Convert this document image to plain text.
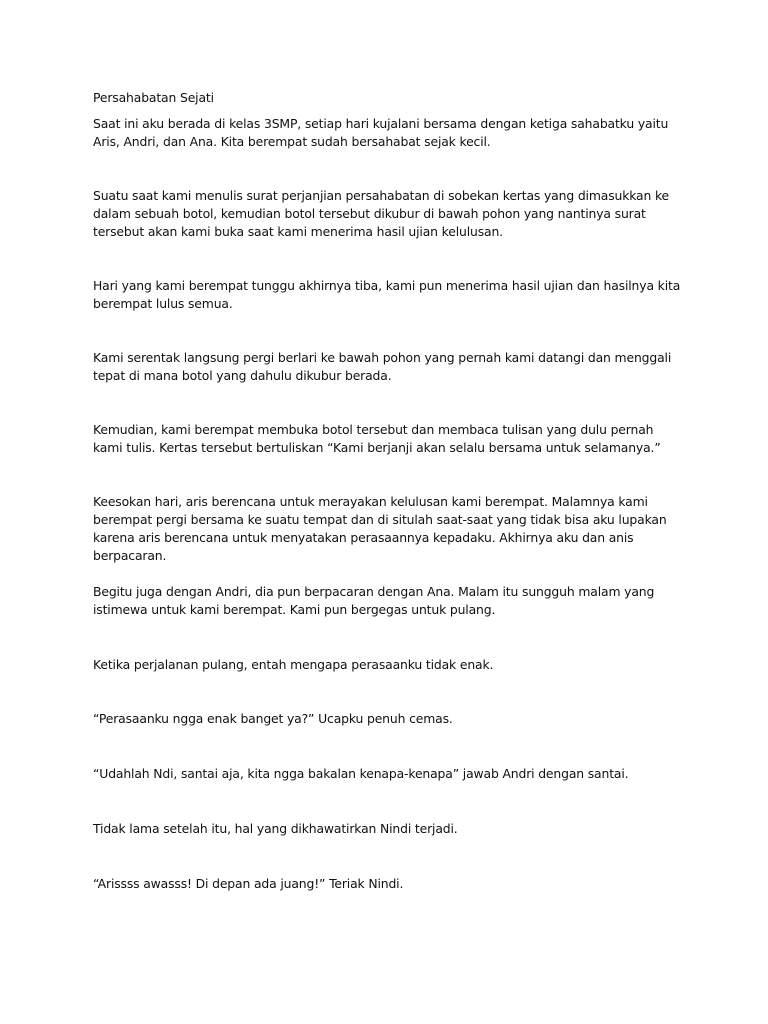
Persahabatan Sejati

Saat ini aku berada di kelas 3SMP, setiap hari kujalani bersama dengan ketiga sahabatku yaitu Aris, Andri, dan Ana. Kita berempat sudah bersahabat sejak kecil.

Suatu saat kami menulis surat perjanjian persahabatan di sobekan kertas yang dimasukkan ke dalam sebuah botol, kemudian botol tersebut dikubur di bawah pohon yang nantinya surat tersebut akan kami buka saat kami menerima hasil ujian kelulusan.

Hari yang kami berempat tunggu akhirnya tiba, kami pun menerima hasil ujian dan hasilnya kita berempat lulus semua.

Kami serentak langsung pergi berlari ke bawah pohon yang pernah kami datangi dan menggali tepat di mana botol yang dahulu dikubur berada.

Kemudian, kami berempat membuka botol tersebut dan membaca tulisan yang dulu pernah kami tulis. Kertas tersebut bertuliskan “Kami berjanji akan selalu bersama untuk selamanya.”

Keesokan hari, aris berencana untuk merayakan kelulusan kami berempat. Malamnya kami berempat pergi bersama ke suatu tempat dan di situlah saat-saat yang tidak bisa aku lupakan karena aris berencana untuk menyatakan perasaannya kepadaku. Akhirnya aku dan anis berpacaran.

Begitu juga dengan Andri, dia pun berpacaran dengan Ana. Malam itu sungguh malam yang istimewa untuk kami berempat. Kami pun bergegas untuk pulang.

Ketika perjalanan pulang, entah mengapa perasaanku tidak enak.

“Perasaanku ngga enak banget ya?” Ucapku penuh cemas.

“Udahlah Ndi, santai aja, kita ngga bakalan kenapa-kenapa” jawab Andri dengan santai.

Tidak lama setelah itu, hal yang dikhawatirkan Nindi terjadi.

“Arissss awasss! Di depan ada juang!” Teriak Nindi.
